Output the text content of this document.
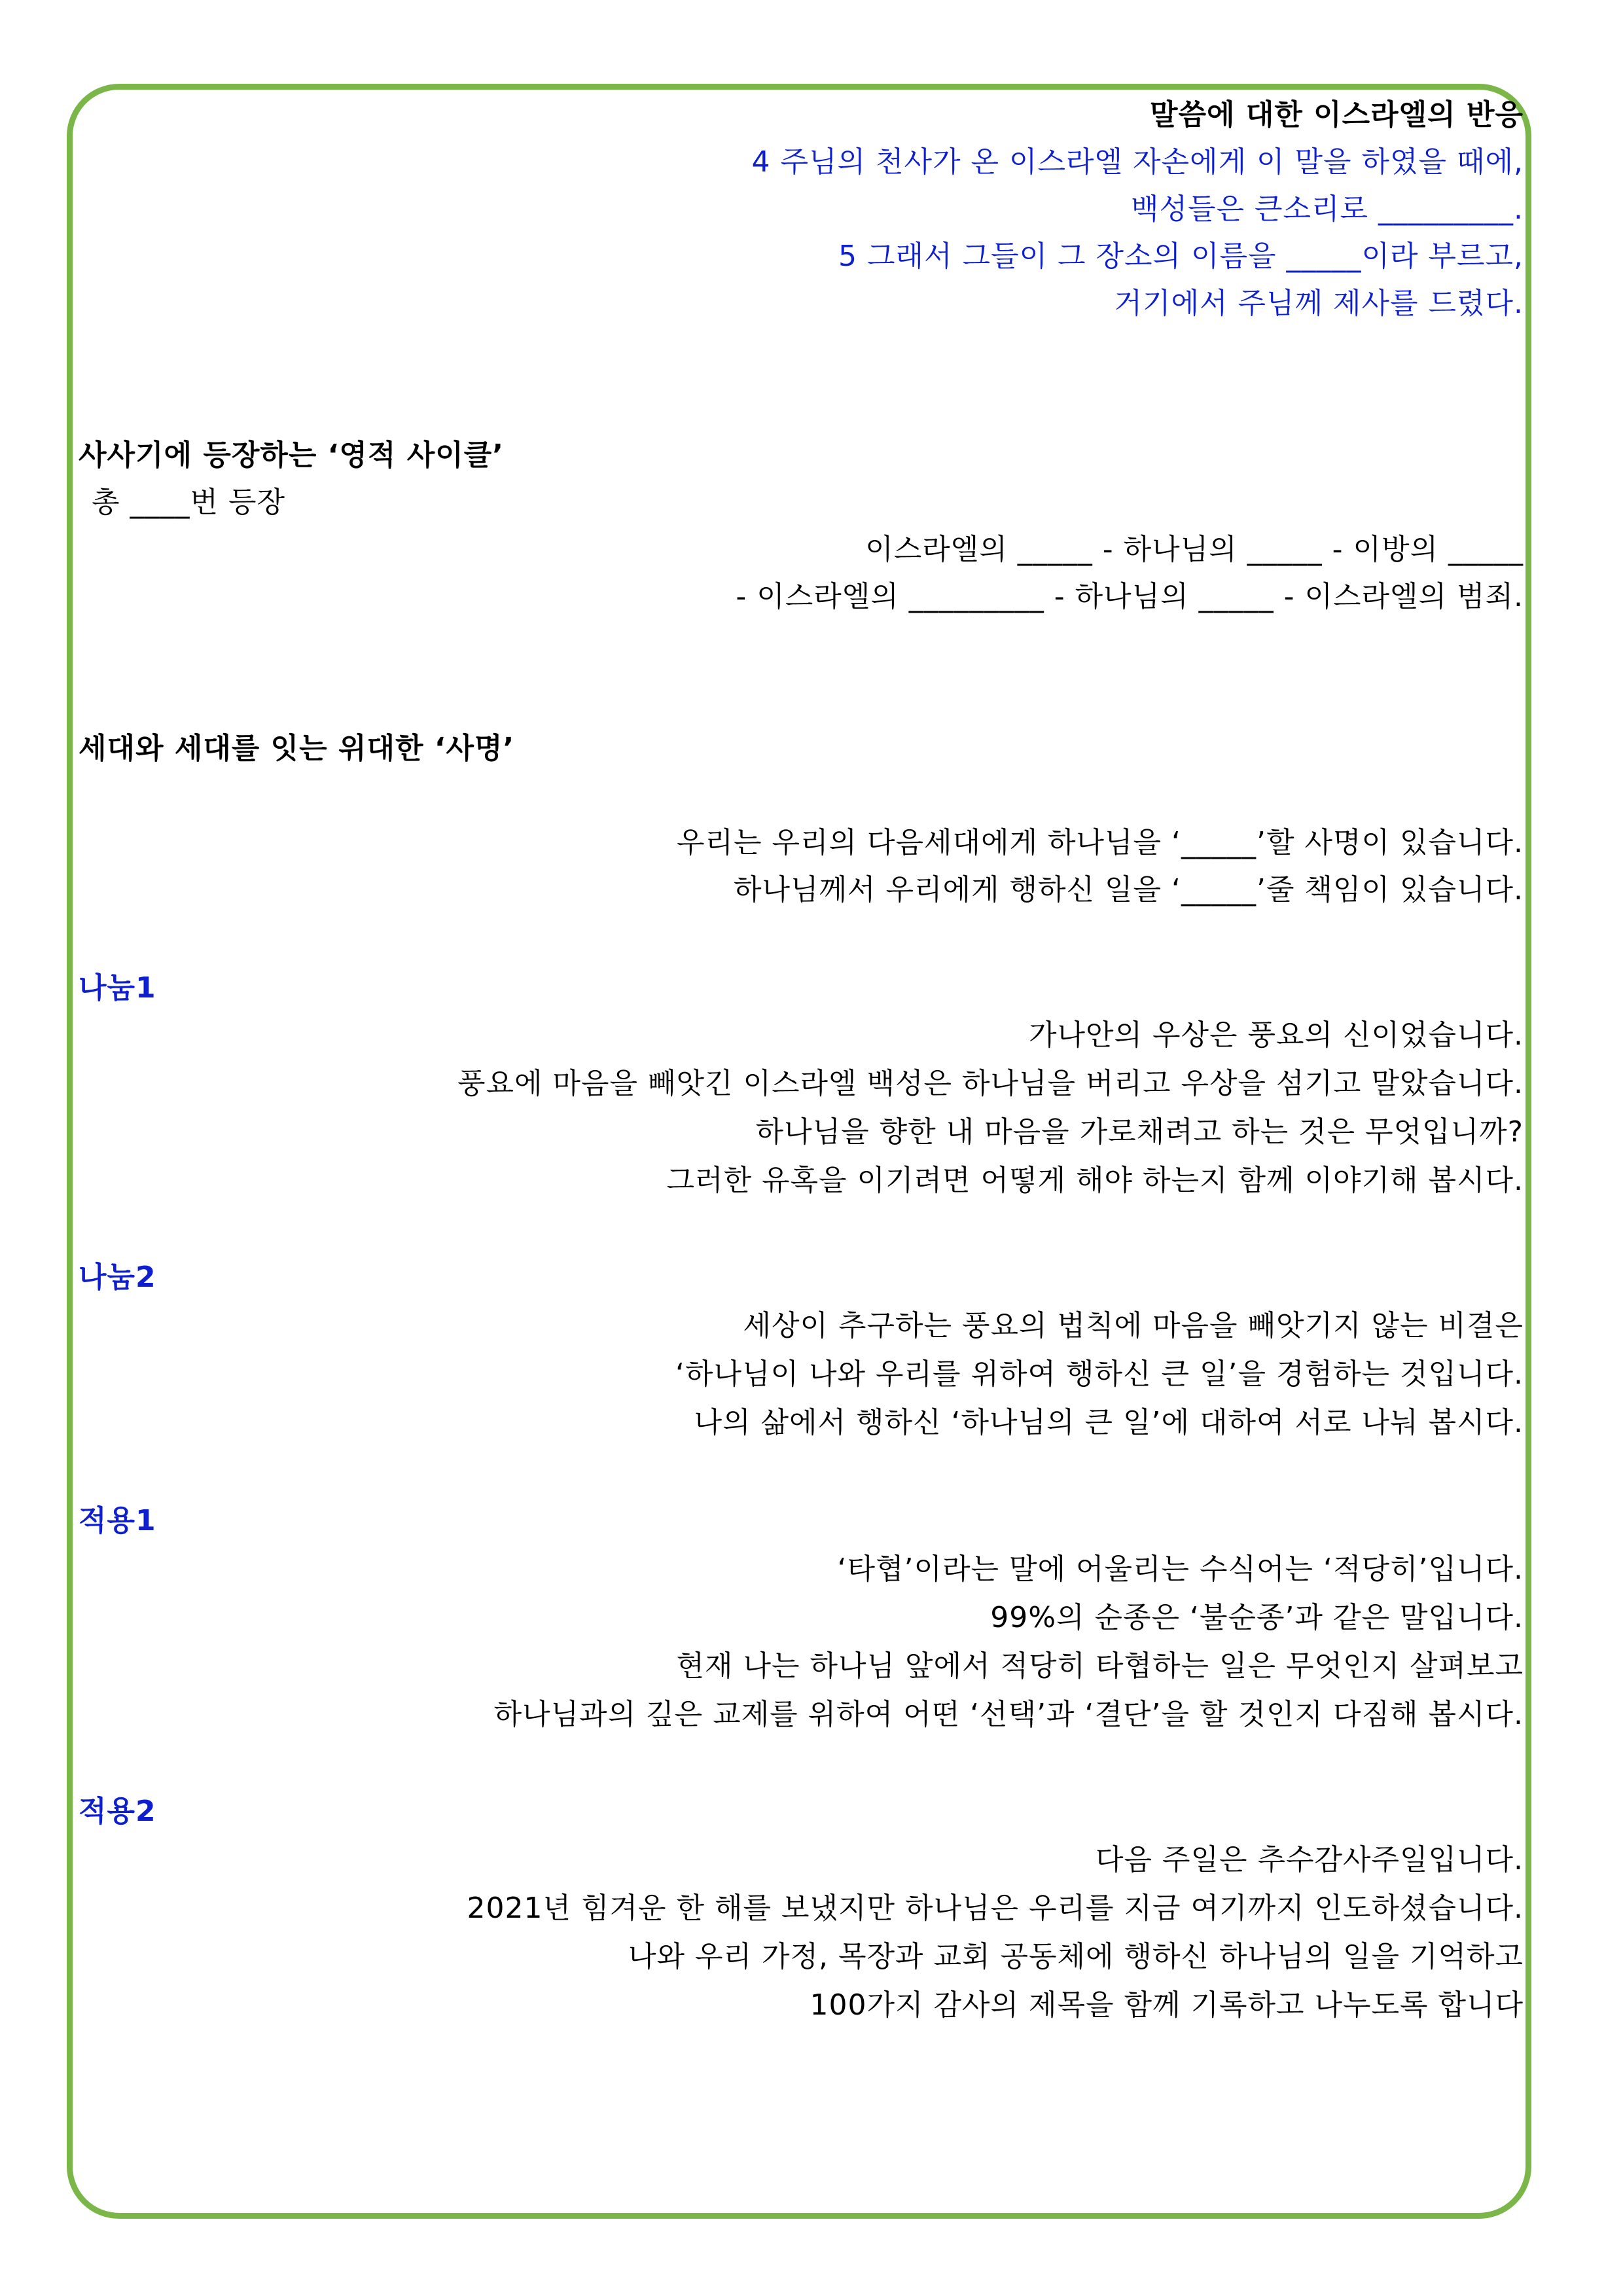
말씀에 대한 이스라엘의 반응
4 주님의 천사가 온 이스라엘 자손에게 이 말을 하였을 때에,
백성들은 큰소리로 _________.
5 그래서 그들이 그 장소의 이름을 _____이라 부르고,
거기에서 주님께 제사를 드렸다.
사사기에 등장하는 ‘영적 사이클’
총 ____번 등장
이스라엘의 _____ - 하나님의 _____ - 이방의 _____
- 이스라엘의 _________ - 하나님의 _____ - 이스라엘의 범죄.
세대와 세대를 잇는 위대한 ‘사명’
우리는 우리의 다음세대에게 하나님을 ‘_____’할 사명이 있습니다.
하나님께서 우리에게 행하신 일을 ‘_____’줄 책임이 있습니다.
나눔1
가나안의 우상은 풍요의 신이었습니다.
풍요에 마음을 빼앗긴 이스라엘 백성은 하나님을 버리고 우상을 섬기고 말았습니다.
하나님을 향한 내 마음을 가로채려고 하는 것은 무엇입니까?
그러한 유혹을 이기려면 어떻게 해야 하는지 함께 이야기해 봅시다.
나눔2
세상이 추구하는 풍요의 법칙에 마음을 빼앗기지 않는 비결은
‘하나님이 나와 우리를 위하여 행하신 큰 일’을 경험하는 것입니다.
나의 삶에서 행하신 ‘하나님의 큰 일’에 대하여 서로 나눠 봅시다.
적용1
‘타협’이라는 말에 어울리는 수식어는 ‘적당히’입니다.
99%의 순종은 ‘불순종’과 같은 말입니다.
현재 나는 하나님 앞에서 적당히 타협하는 일은 무엇인지 살펴보고
하나님과의 깊은 교제를 위하여 어떤 ‘선택’과 ‘결단’을 할 것인지 다짐해 봅시다.
적용2
다음 주일은 추수감사주일입니다.
2021년 힘겨운 한 해를 보냈지만 하나님은 우리를 지금 여기까지 인도하셨습니다.
나와 우리 가정, 목장과 교회 공동체에 행하신 하나님의 일을 기억하고
100가지 감사의 제목을 함께 기록하고 나누도록 합니다
